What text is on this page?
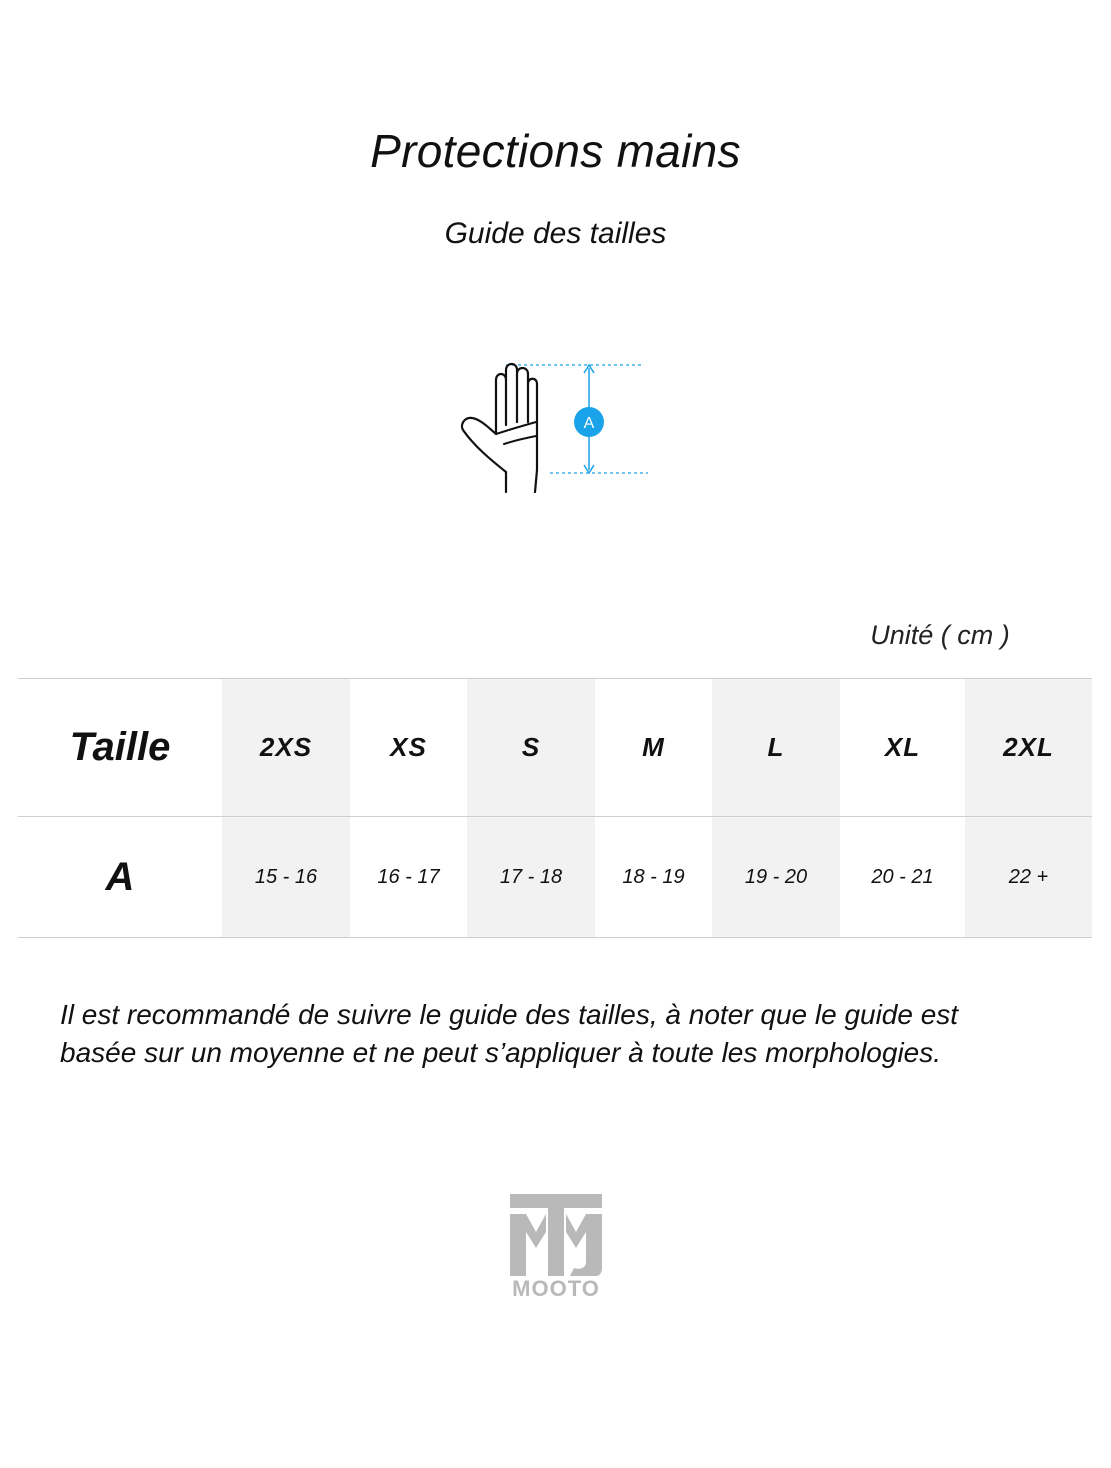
Protections mains
Guide des tailles
A
Unité ( cm )
Taille	2XS	XS	S	M	L	XL	2XL
A	15 - 16	16 - 17	17 - 18	18 - 19	19 - 20	20 - 21	22 +
Il est recommandé de suivre le guide des tailles, à noter que le guide est
basée sur un moyenne et ne peut s’appliquer à toute les morphologies.
MOOTO
